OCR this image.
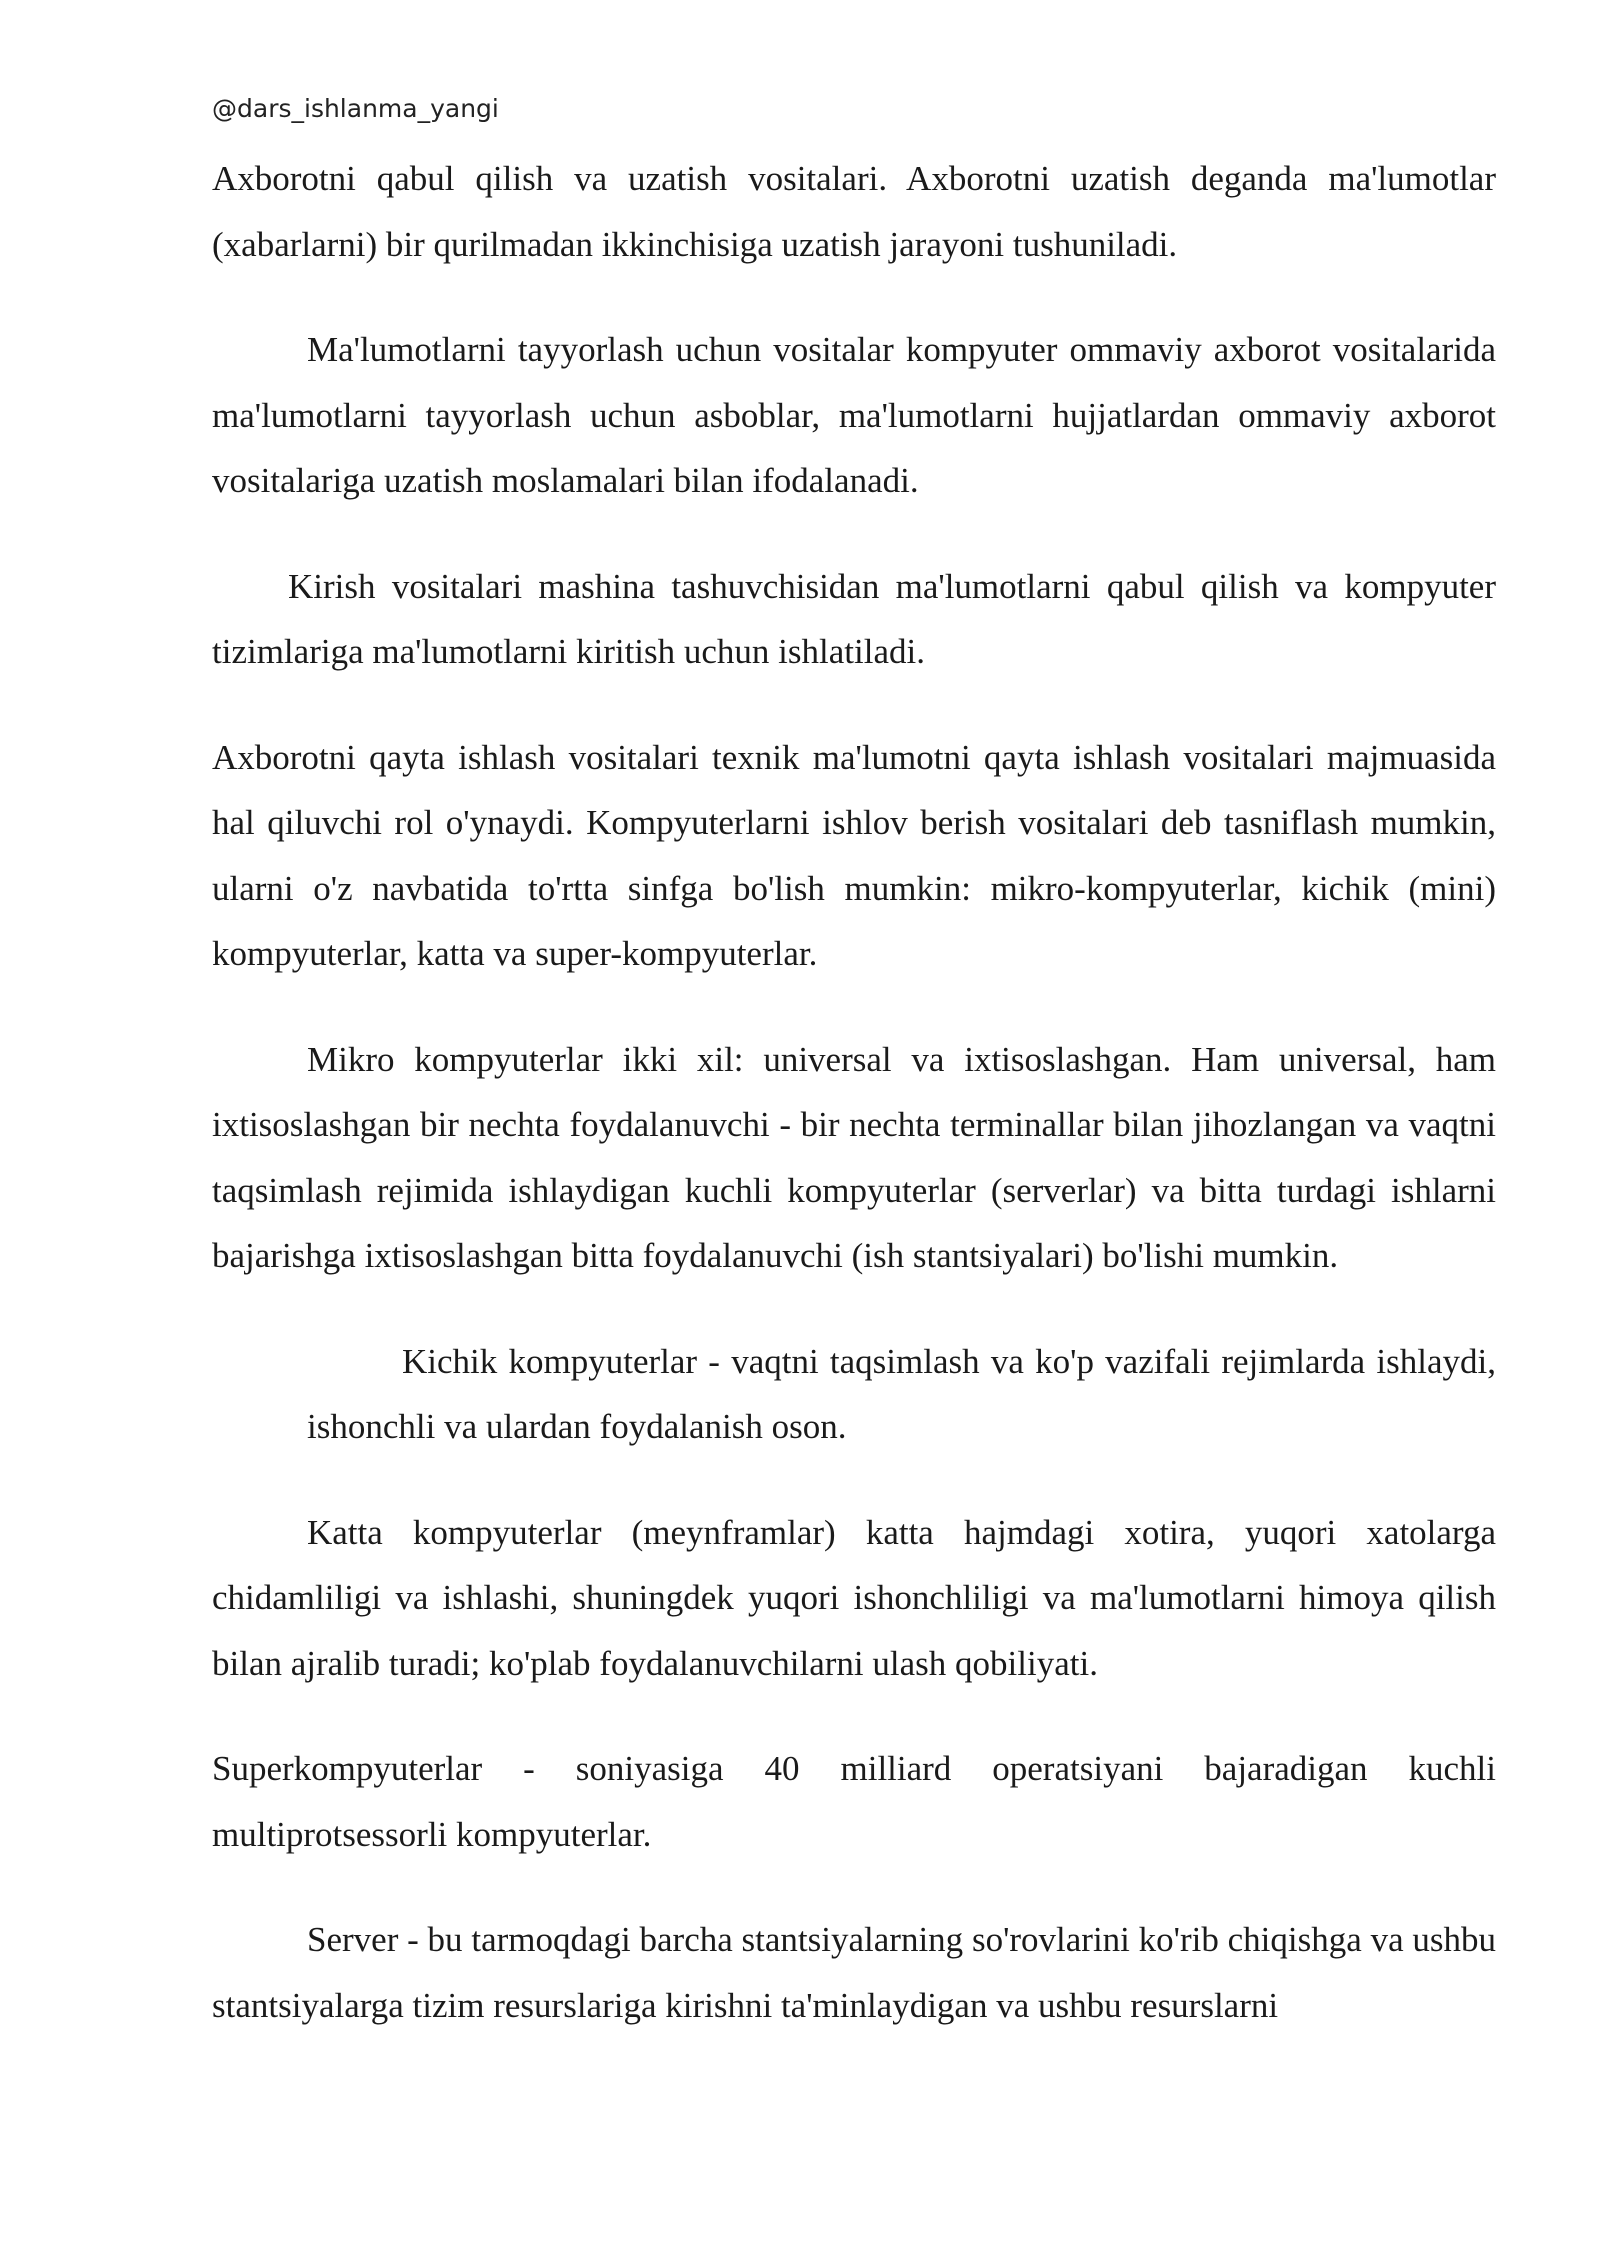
@dars_ishlanma_yangi

Axborotni qabul qilish va uzatish vositalari. Axborotni uzatish deganda ma'lumotlar (xabarlarni) bir qurilmadan ikkinchisiga uzatish jarayoni tushuniladi.

Ma'lumotlarni tayyorlash uchun vositalar kompyuter ommaviy axborot vositalarida ma'lumotlarni tayyorlash uchun asboblar, ma'lumotlarni hujjatlardan ommaviy axborot vositalariga uzatish moslamalari bilan ifodalanadi.

Kirish vositalari mashina tashuvchisidan ma'lumotlarni qabul qilish va kompyuter tizimlariga ma'lumotlarni kiritish uchun ishlatiladi.

Axborotni qayta ishlash vositalari texnik ma'lumotni qayta ishlash vositalari majmuasida hal qiluvchi rol o'ynaydi. Kompyuterlarni ishlov berish vositalari deb tasniflash mumkin, ularni o'z navbatida to'rtta sinfga bo'lish mumkin: mikro-kompyuterlar, kichik (mini) kompyuterlar, katta va super-kompyuterlar.

Mikro kompyuterlar ikki xil: universal va ixtisoslashgan. Ham universal, ham ixtisoslashgan bir nechta foydalanuvchi - bir nechta terminallar bilan jihozlangan va vaqtni taqsimlash rejimida ishlaydigan kuchli kompyuterlar (serverlar) va bitta turdagi ishlarni bajarishga ixtisoslashgan bitta foydalanuvchi (ish stantsiyalari) bo'lishi mumkin.

Kichik kompyuterlar - vaqtni taqsimlash va ko'p vazifali rejimlarda ishlaydi, ishonchli va ulardan foydalanish oson.

Katta kompyuterlar (meynframlar) katta hajmdagi xotira, yuqori xatolarga chidamliligi va ishlashi, shuningdek yuqori ishonchliligi va ma'lumotlarni himoya qilish bilan ajralib turadi; ko'plab foydalanuvchilarni ulash qobiliyati.

Superkompyuterlar - soniyasiga 40 milliard operatsiyani bajaradigan kuchli multiprotsessorli kompyuterlar.

Server - bu tarmoqdagi barcha stantsiyalarning so'rovlarini ko'rib chiqishga va ushbu stantsiyalarga tizim resurslariga kirishni ta'minlaydigan va ushbu resurslarni
